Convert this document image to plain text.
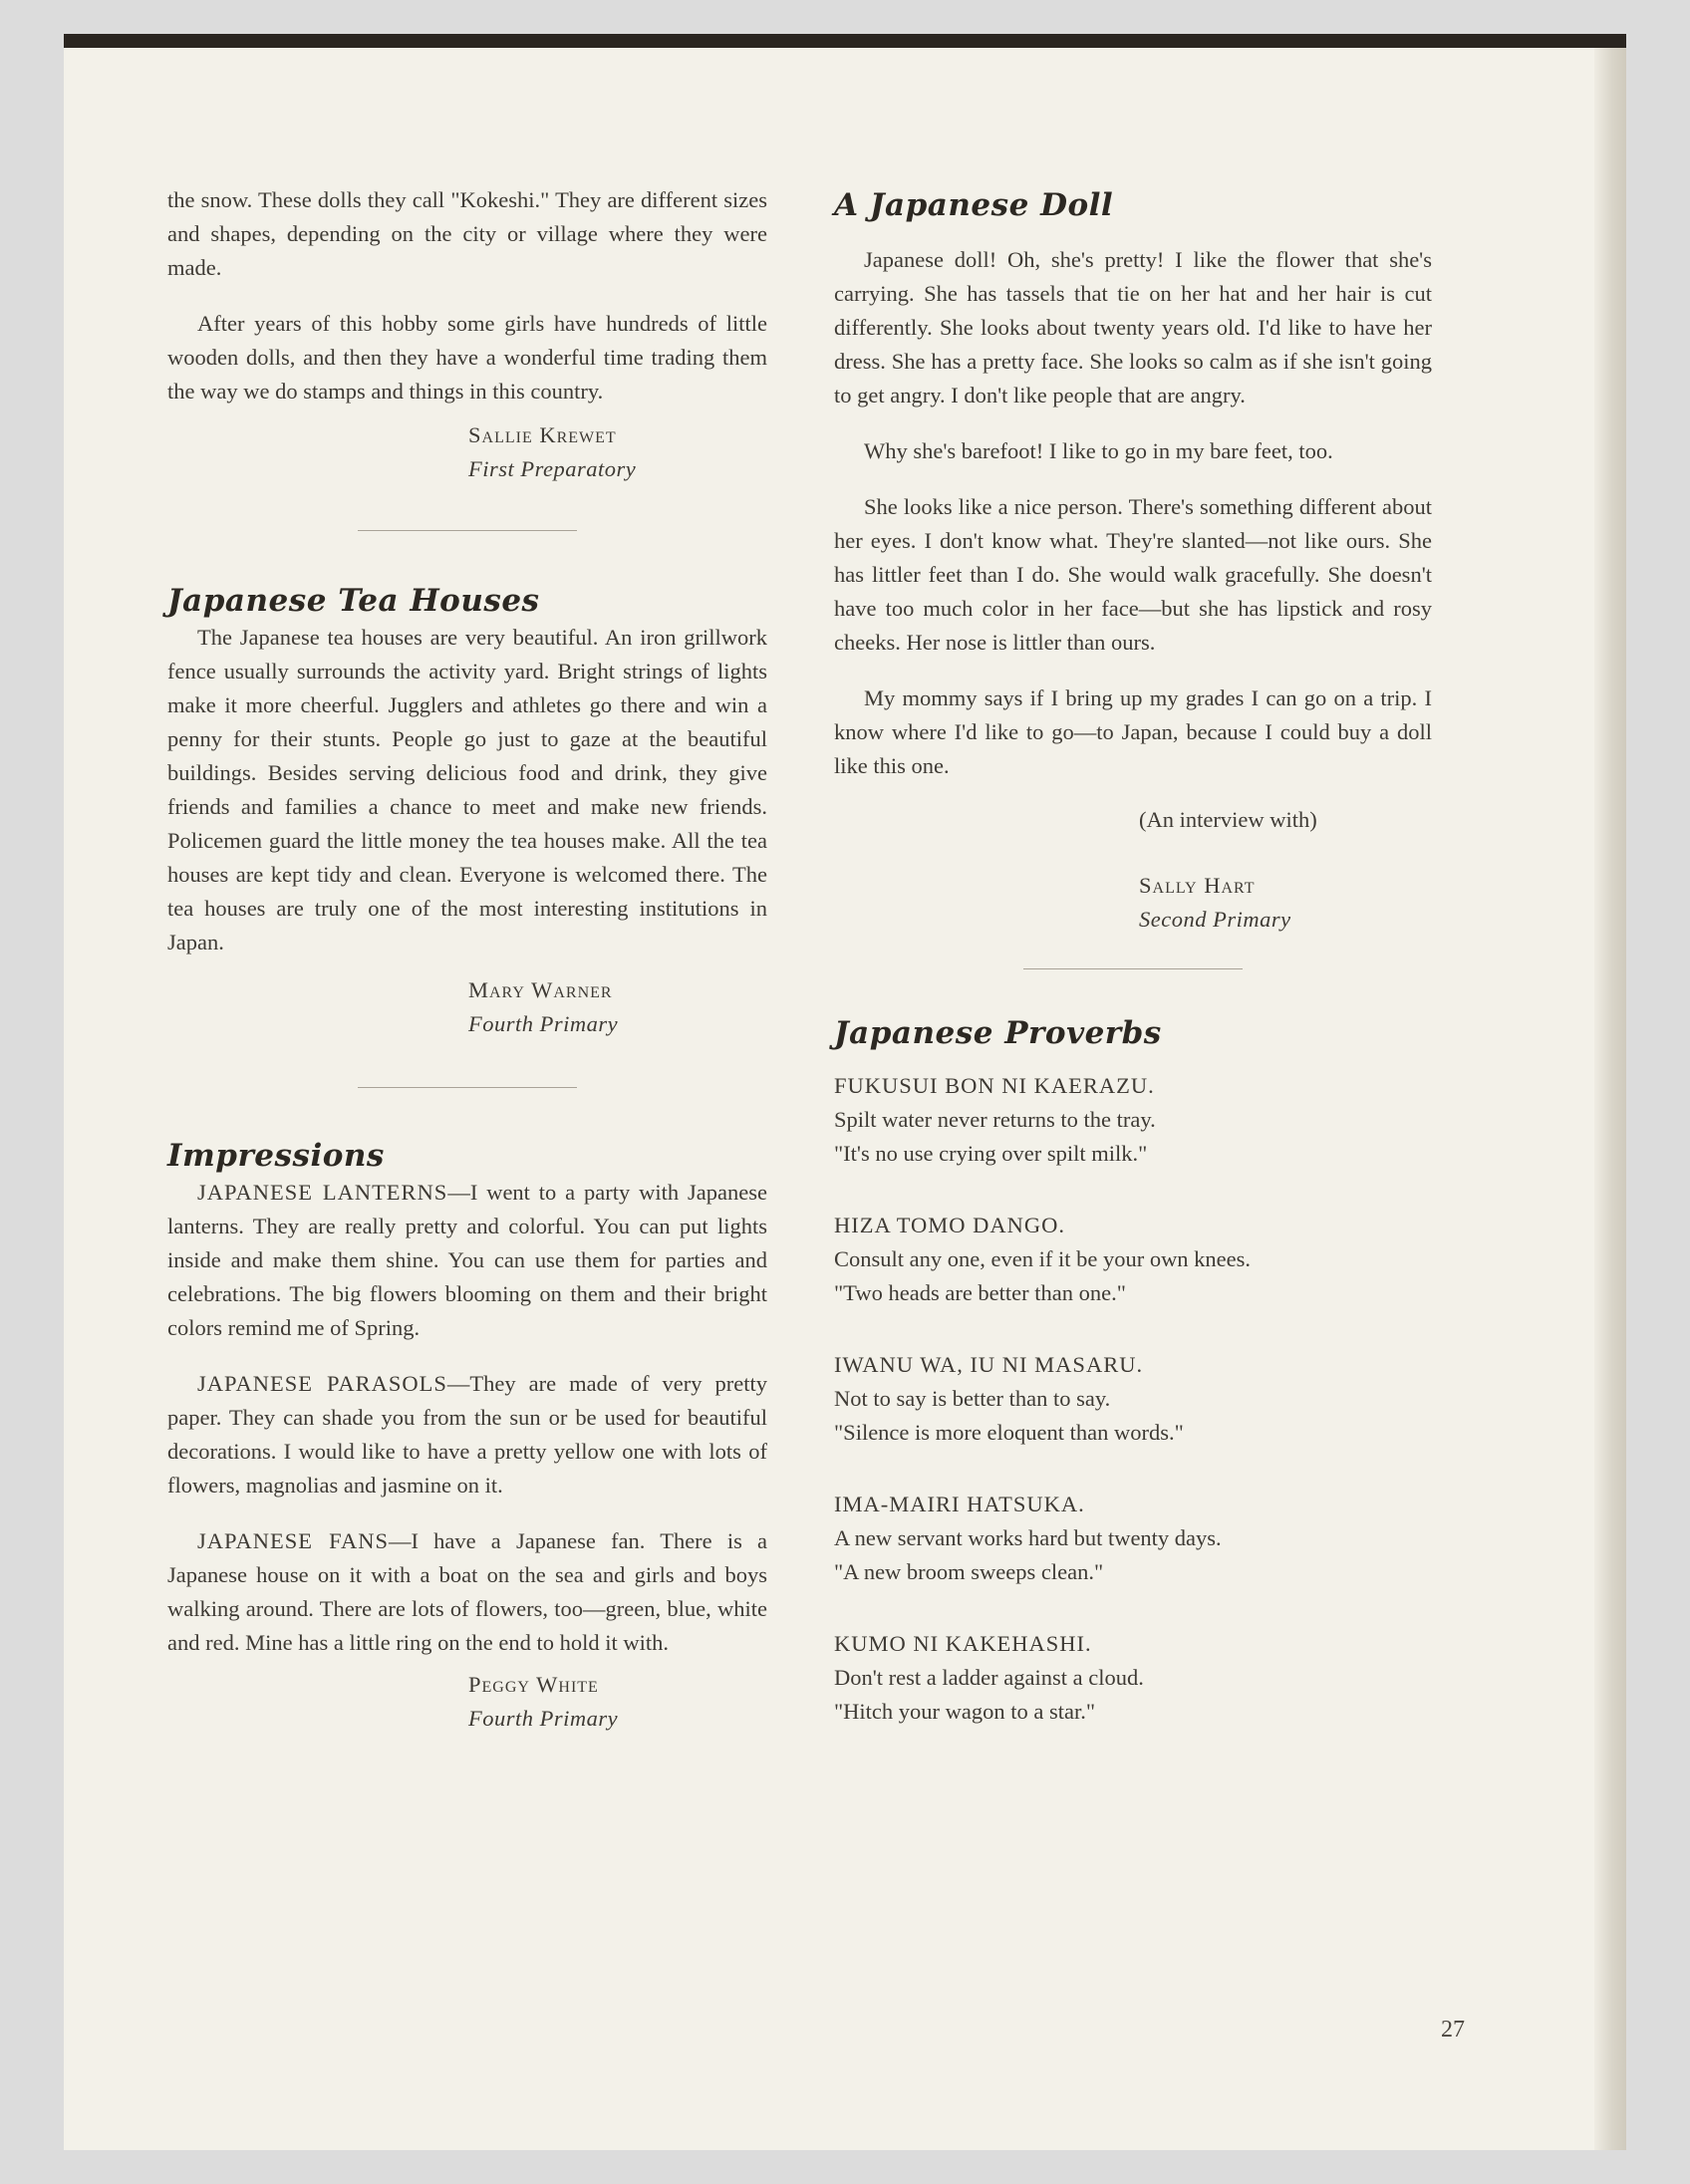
the snow. These dolls they call "Kokeshi." They are different sizes and shapes, depending on the city or village where they were made.

After years of this hobby some girls have hundreds of little wooden dolls, and then they have a wonderful time trading them the way we do stamps and things in this country.

Sallie Krewet
First Preparatory
Japanese Tea Houses

The Japanese tea houses are very beautiful. An iron grillwork fence usually surrounds the activity yard. Bright strings of lights make it more cheerful. Jugglers and athletes go there and win a penny for their stunts. People go just to gaze at the beautiful buildings. Besides serving delicious food and drink, they give friends and families a chance to meet and make new friends. Policemen guard the little money the tea houses make. All the tea houses are kept tidy and clean. Everyone is welcomed there. The tea houses are truly one of the most interesting institutions in Japan.

Mary Warner
Fourth Primary
Impressions

JAPANESE LANTERNS—I went to a party with Japanese lanterns. They are really pretty and colorful. You can put lights inside and make them shine. You can use them for parties and celebrations. The big flowers blooming on them and their bright colors remind me of Spring.

JAPANESE PARASOLS—They are made of very pretty paper. They can shade you from the sun or be used for beautiful decorations. I would like to have a pretty yellow one with lots of flowers, magnolias and jasmine on it.

JAPANESE FANS—I have a Japanese fan. There is a Japanese house on it with a boat on the sea and girls and boys walking around. There are lots of flowers, too—green, blue, white and red. Mine has a little ring on the end to hold it with.

Peggy White
Fourth Primary
A Japanese Doll

Japanese doll! Oh, she's pretty! I like the flower that she's carrying. She has tassels that tie on her hat and her hair is cut differently. She looks about twenty years old. I'd like to have her dress. She has a pretty face. She looks so calm as if she isn't going to get angry. I don't like people that are angry.

Why she's barefoot! I like to go in my bare feet, too.

She looks like a nice person. There's something different about her eyes. I don't know what. They're slanted—not like ours. She has littler feet than I do. She would walk gracefully. She doesn't have too much color in her face—but she has lipstick and rosy cheeks. Her nose is littler than ours.

My mommy says if I bring up my grades I can go on a trip. I know where I'd like to go—to Japan, because I could buy a doll like this one.

(An interview with)
Sally Hart
Second Primary
Japanese Proverbs

FUKUSUI BON NI KAERAZU.

Spilt water never returns to the tray.

"It's no use crying over spilt milk."

HIZA TOMO DANGO.

Consult any one, even if it be your own knees.

"Two heads are better than one."

IWANU WA, IU NI MASARU.

Not to say is better than to say.

"Silence is more eloquent than words."

IMA-MAIRI HATSUKA.

A new servant works hard but twenty days.

"A new broom sweeps clean."

KUMO NI KAKEHASHI.

Don't rest a ladder against a cloud.

"Hitch your wagon to a star."

27
